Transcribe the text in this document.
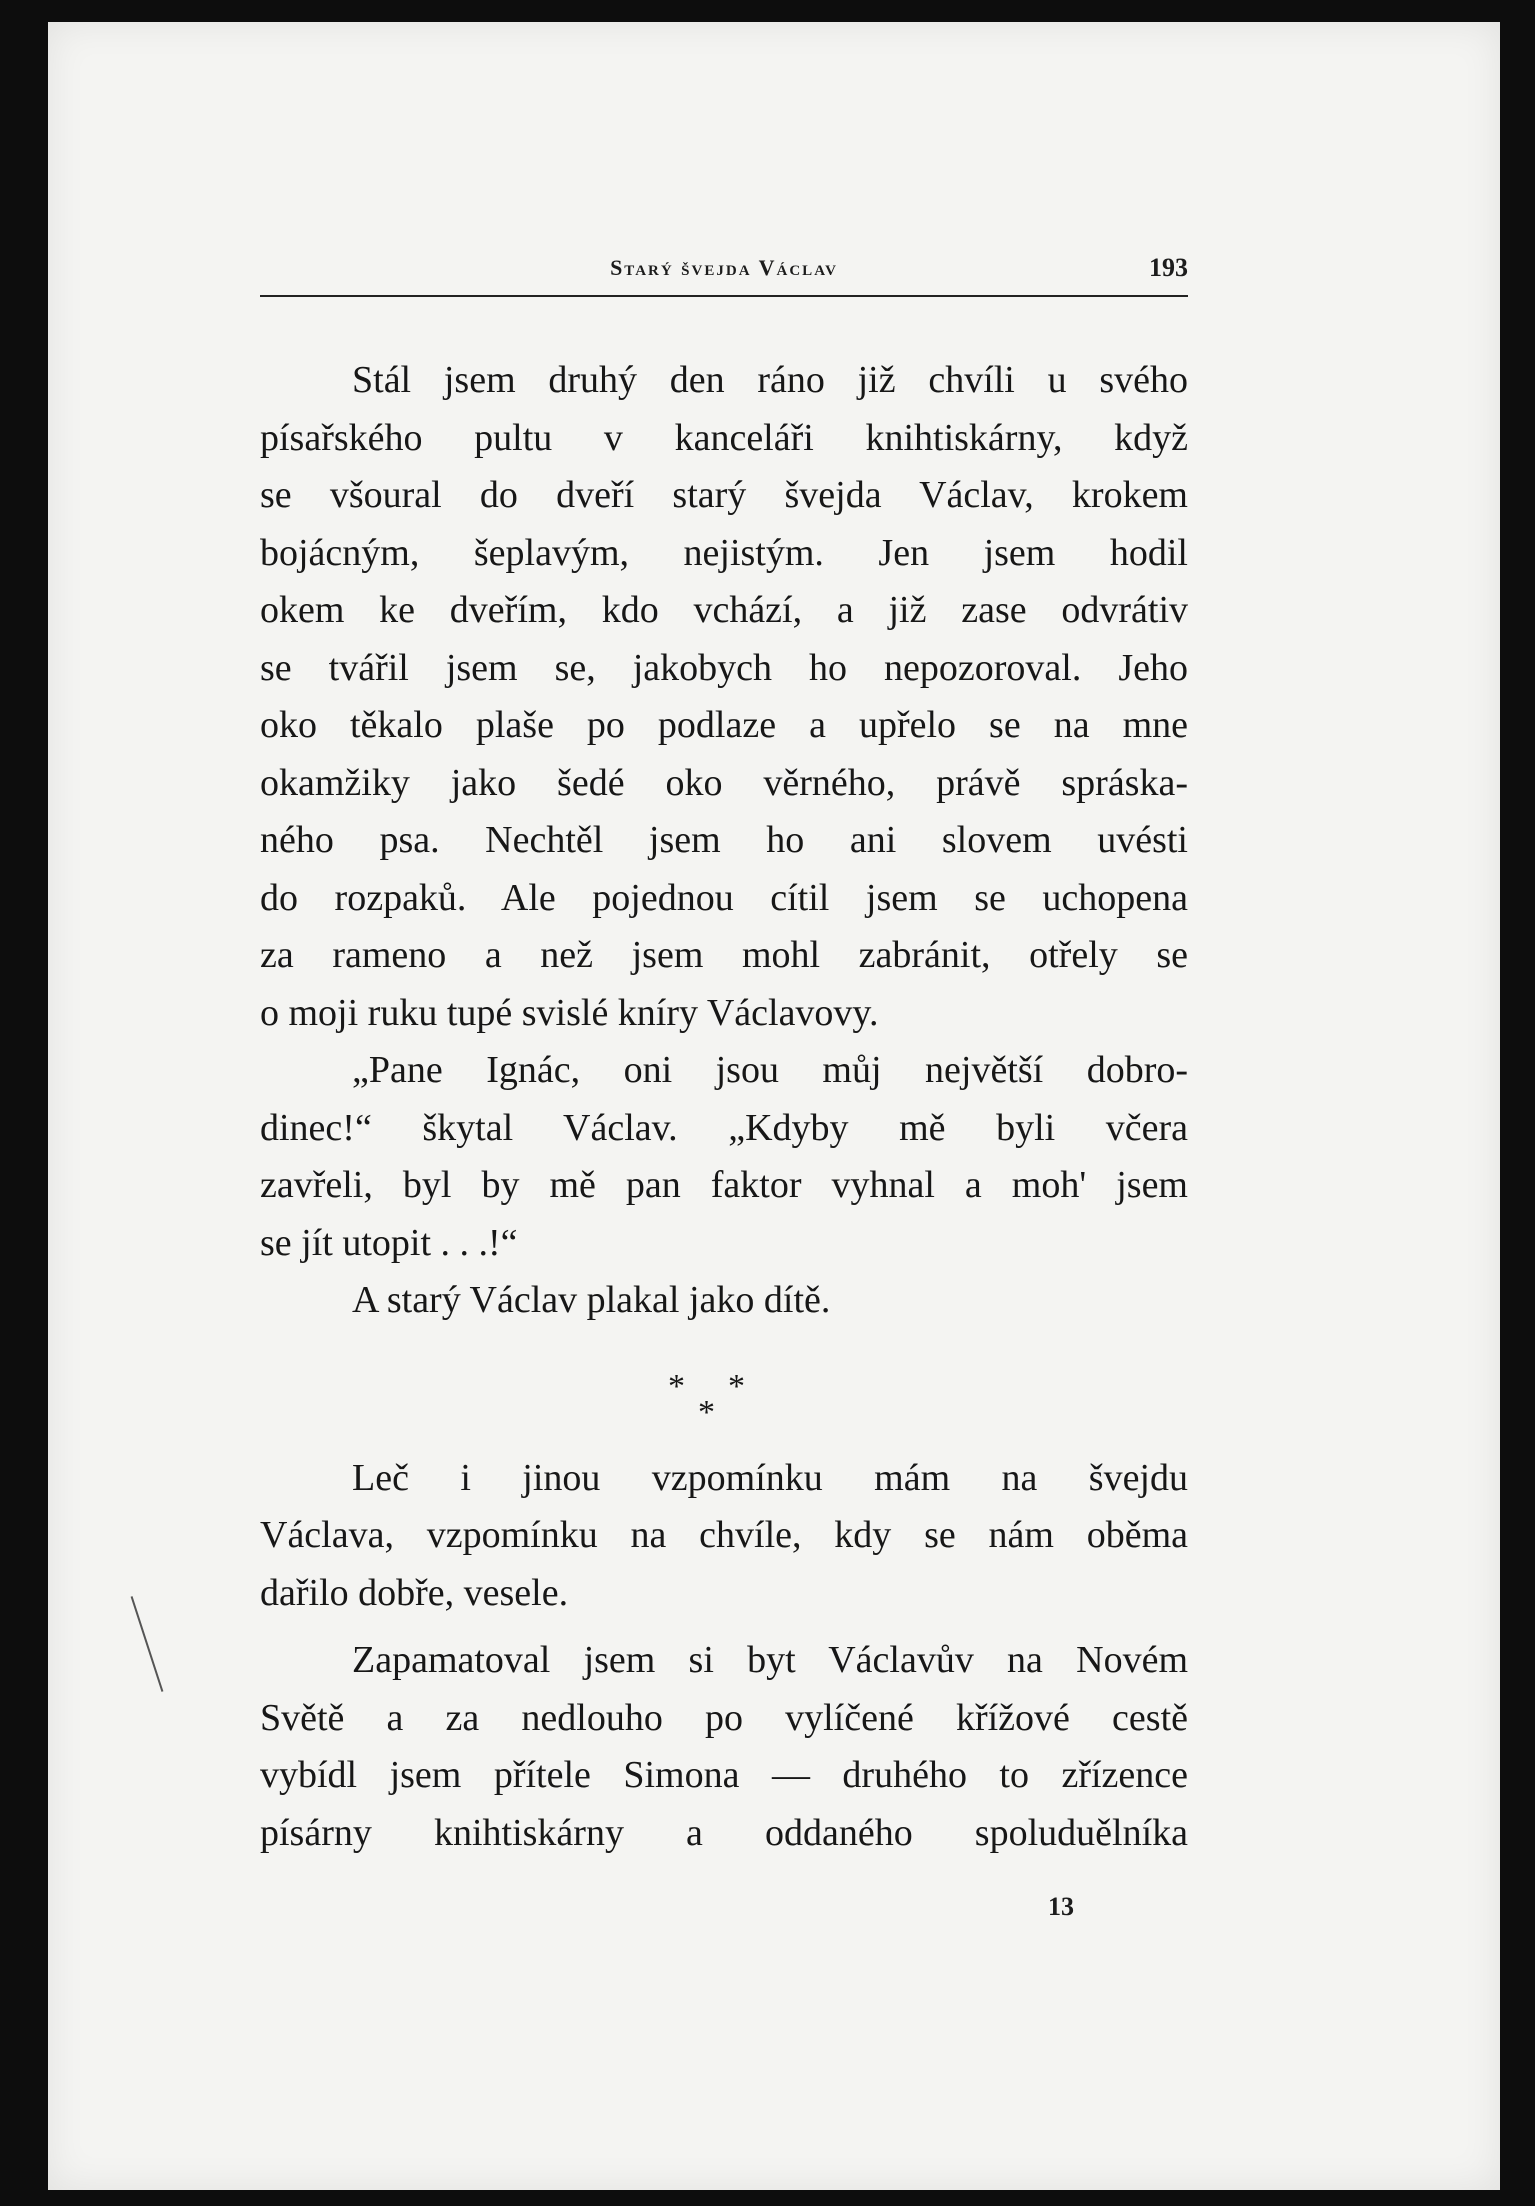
Starý švejda Václav	193
Stál jsem druhý den ráno již chvíli u svého
písařského pultu v kanceláři knihtiskárny, když
se všoural do dveří starý švejda Václav, krokem
bojácným, šeplavým, nejistým. Jen jsem hodil
okem ke dveřím, kdo vchází, a již zase odvrátiv
se tvářil jsem se, jakobych ho nepozoroval. Jeho
oko těkalo plaše po podlaze a upřelo se na mne
okamžiky jako šedé oko věrného, právě spráska-
ného psa. Nechtěl jsem ho ani slovem uvésti
do rozpaků. Ale pojednou cítil jsem se uchopena
za rameno a než jsem mohl zabránit, otřely se
o moji ruku tupé svislé kníry Václavovy.
„Pane Ignác, oni jsou můj největší dobro-
dinec!“ škytal Václav. „Kdyby mě byli včera
zavřeli, byl by mě pan faktor vyhnal a moh' jsem
se jít utopit . . .!“
A starý Václav plakal jako dítě.
Leč i jinou vzpomínku mám na švejdu
Václava, vzpomínku na chvíle, kdy se nám oběma
dařilo dobře, vesele.
Zapamatoval jsem si byt Václavův na Novém
Světě a za nedlouho po vylíčené křížové cestě
vybídl jsem přítele Simona — druhého to zřízence
písárny knihtiskárny a oddaného spoluduělníka
* *
*
13
